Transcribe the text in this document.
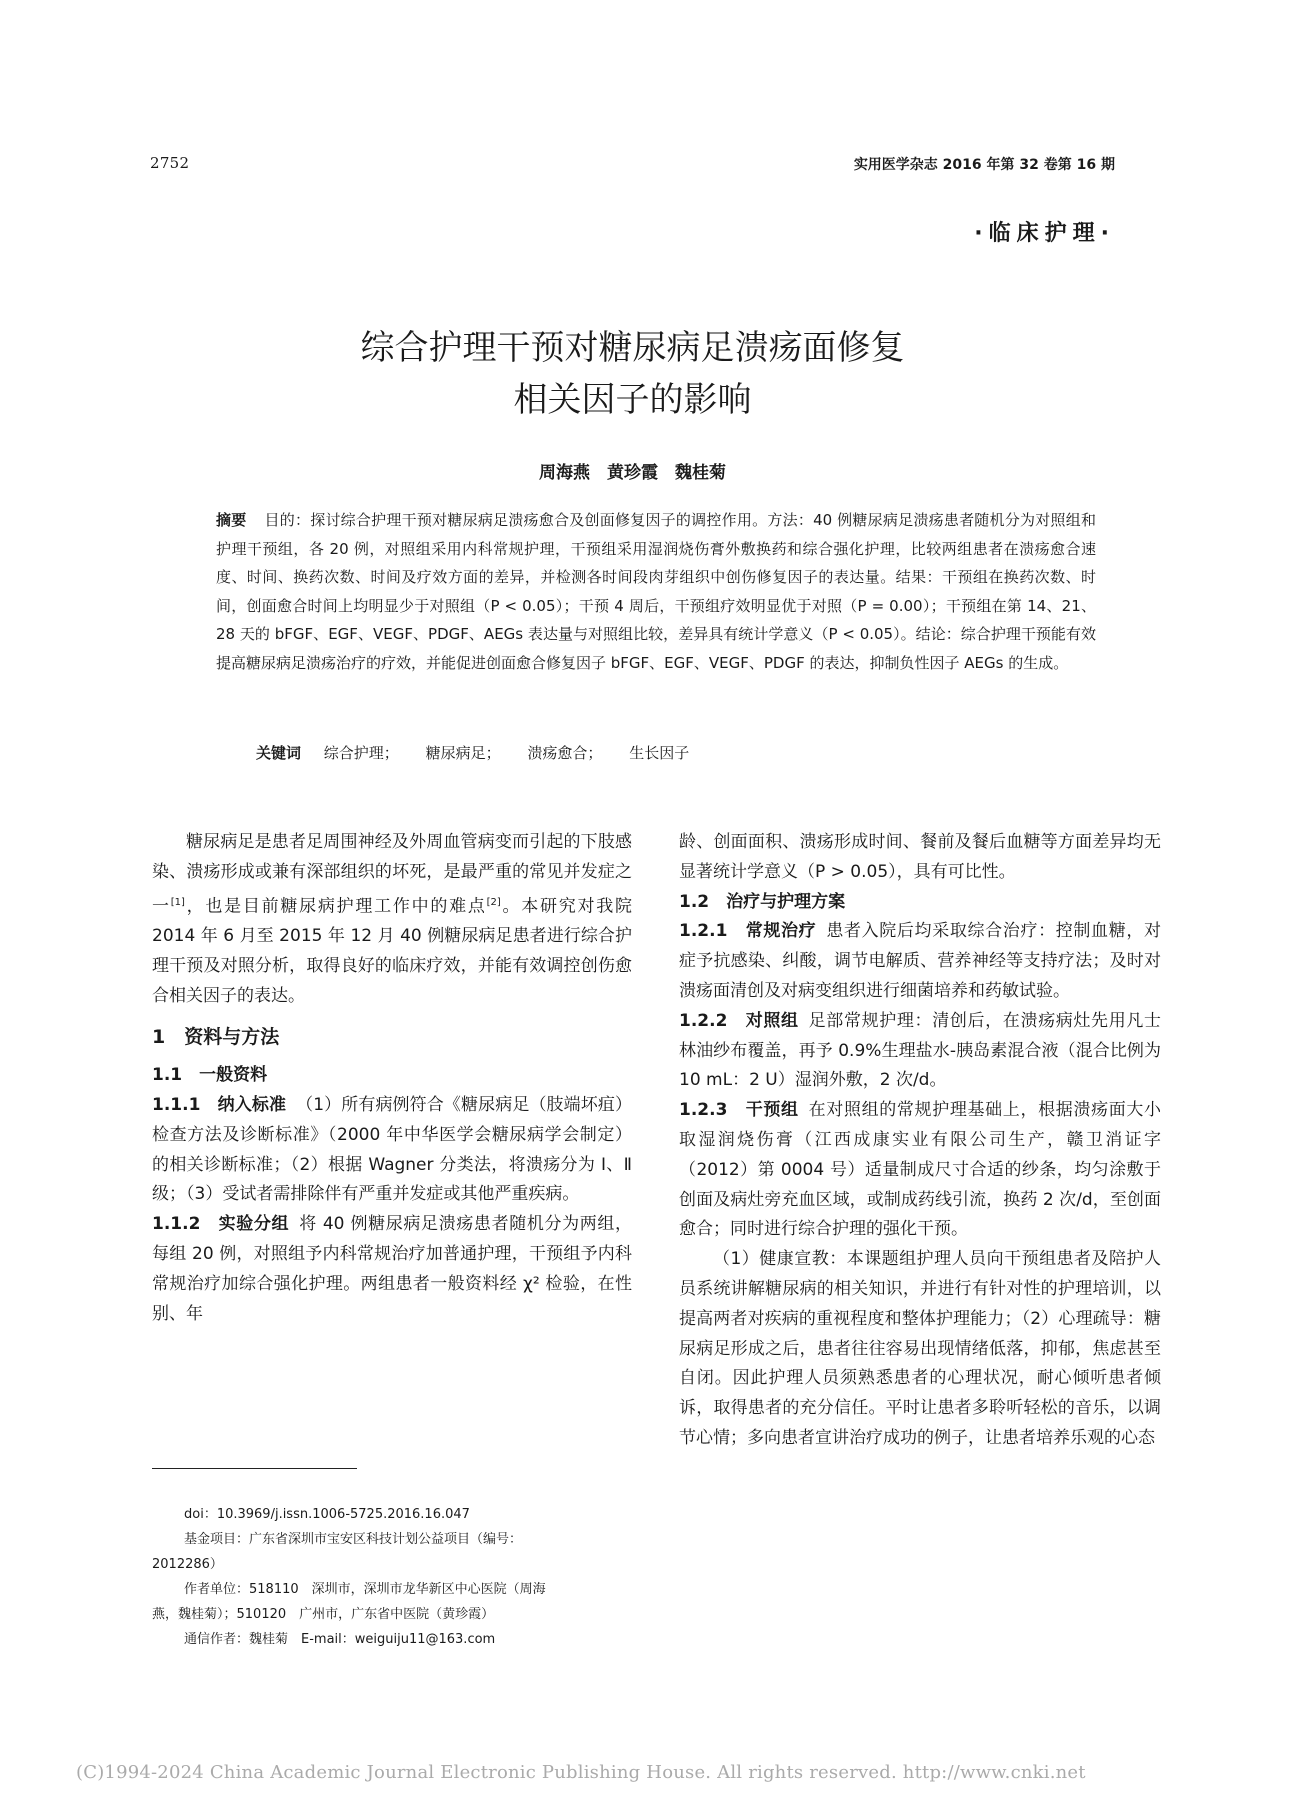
2752	实用医学杂志 2016 年第 32 卷第 16 期
·临床护理·
综合护理干预对糖尿病足溃疡面修复
相关因子的影响
周海燕　黄珍霞　魏桂菊
摘要 目的：探讨综合护理干预对糖尿病足溃疡愈合及创面修复因子的调控作用。方法：40 例糖尿病足溃疡患者随机分为对照组和护理干预组，各 20 例，对照组采用内科常规护理，干预组采用湿润烧伤膏外敷换药和综合强化护理，比较两组患者在溃疡愈合速度、时间、换药次数、时间及疗效方面的差异，并检测各时间段肉芽组织中创伤修复因子的表达量。结果：干预组在换药次数、时间，创面愈合时间上均明显少于对照组（P < 0.05）；干预 4 周后，干预组疗效明显优于对照（P = 0.00）；干预组在第 14、21、28 天的 bFGF、EGF、VEGF、PDGF、AEGs 表达量与对照组比较，差异具有统计学意义（P < 0.05）。结论：综合护理干预能有效提高糖尿病足溃疡治疗的疗效，并能促进创面愈合修复因子 bFGF、EGF、VEGF、PDGF 的表达，抑制负性因子 AEGs 的生成。
关键词 综合护理； 糖尿病足； 溃疡愈合； 生长因子

糖尿病足是患者足周围神经及外周血管病变而引起的下肢感染、溃疡形成或兼有深部组织的坏死，是最严重的常见并发症之一[1]，也是目前糖尿病护理工作中的难点[2]。本研究对我院 2014 年 6 月至 2015 年 12 月 40 例糖尿病足患者进行综合护理干预及对照分析，取得良好的临床疗效，并能有效调控创伤愈合相关因子的表达。

1　资料与方法
1.1　一般资料

1.1.1　纳入标准 （1）所有病例符合《糖尿病足（肢端坏疽）检查方法及诊断标准》（2000 年中华医学会糖尿病学会制定）的相关诊断标准；（2）根据 Wagner 分类法，将溃疡分为 Ⅰ、Ⅱ 级；（3）受试者需排除伴有严重并发症或其他严重疾病。

1.1.2　实验分组 将 40 例糖尿病足溃疡患者随机分为两组，每组 20 例，对照组予内科常规治疗加普通护理，干预组予内科常规治疗加综合强化护理。两组患者一般资料经 χ² 检验，在性别、年

龄、创面面积、溃疡形成时间、餐前及餐后血糖等方面差异均无显著统计学意义（P > 0.05），具有可比性。

1.2　治疗与护理方案

1.2.1　常规治疗 患者入院后均采取综合治疗：控制血糖，对症予抗感染、纠酸，调节电解质、营养神经等支持疗法；及时对溃疡面清创及对病变组织进行细菌培养和药敏试验。

1.2.2　对照组 足部常规护理：清创后，在溃疡病灶先用凡士林油纱布覆盖，再予 0.9%生理盐水-胰岛素混合液（混合比例为 10 mL：2 U）湿润外敷，2 次/d。

1.2.3　干预组 在对照组的常规护理基础上，根据溃疡面大小取湿润烧伤膏（江西成康实业有限公司生产，赣卫消证字（2012）第 0004 号）适量制成尺寸合适的纱条，均匀涂敷于创面及病灶旁充血区域，或制成药线引流，换药 2 次/d，至创面愈合；同时进行综合护理的强化干预。

（1）健康宣教：本课题组护理人员向干预组患者及陪护人员系统讲解糖尿病的相关知识，并进行有针对性的护理培训，以提高两者对疾病的重视程度和整体护理能力；（2）心理疏导：糖尿病足形成之后，患者往往容易出现情绪低落，抑郁，焦虑甚至自闭。因此护理人员须熟悉患者的心理状况，耐心倾听患者倾诉，取得患者的充分信任。平时让患者多聆听轻松的音乐，以调节心情；多向患者宣讲治疗成功的例子，让患者培养乐观的心态

doi：10.3969/j.issn.1006-5725.2016.16.047

基金项目：广东省深圳市宝安区科技计划公益项目（编号：

2012286）

作者单位：518110　深圳市，深圳市龙华新区中心医院（周海

燕，魏桂菊）；510120　广州市，广东省中医院（黄珍霞）

通信作者：魏桂菊　E-mail：weiguiju11@163.com

(C)1994-2024 China Academic Journal Electronic Publishing House. All rights reserved. http://www.cnki.net
